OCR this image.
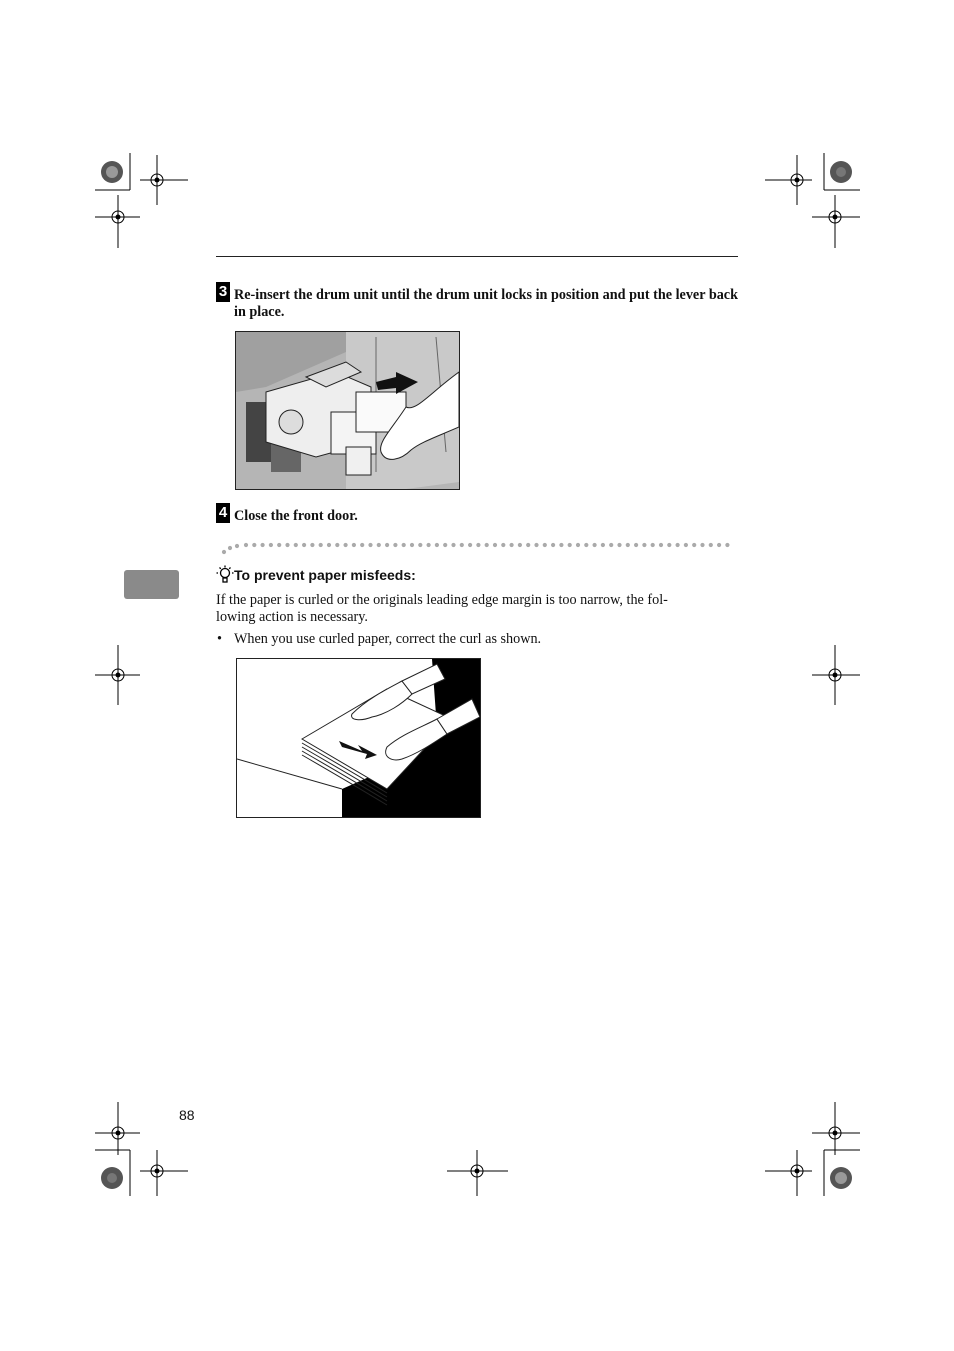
3 Re-insert the drum unit until the drum unit locks in position and put the lever back in place.
4 Close the front door.
To prevent paper misfeeds:
If the paper is curled or the originals leading edge margin is too narrow, the fol-
lowing action is necessary.
• When you use curled paper, correct the curl as shown.
88
